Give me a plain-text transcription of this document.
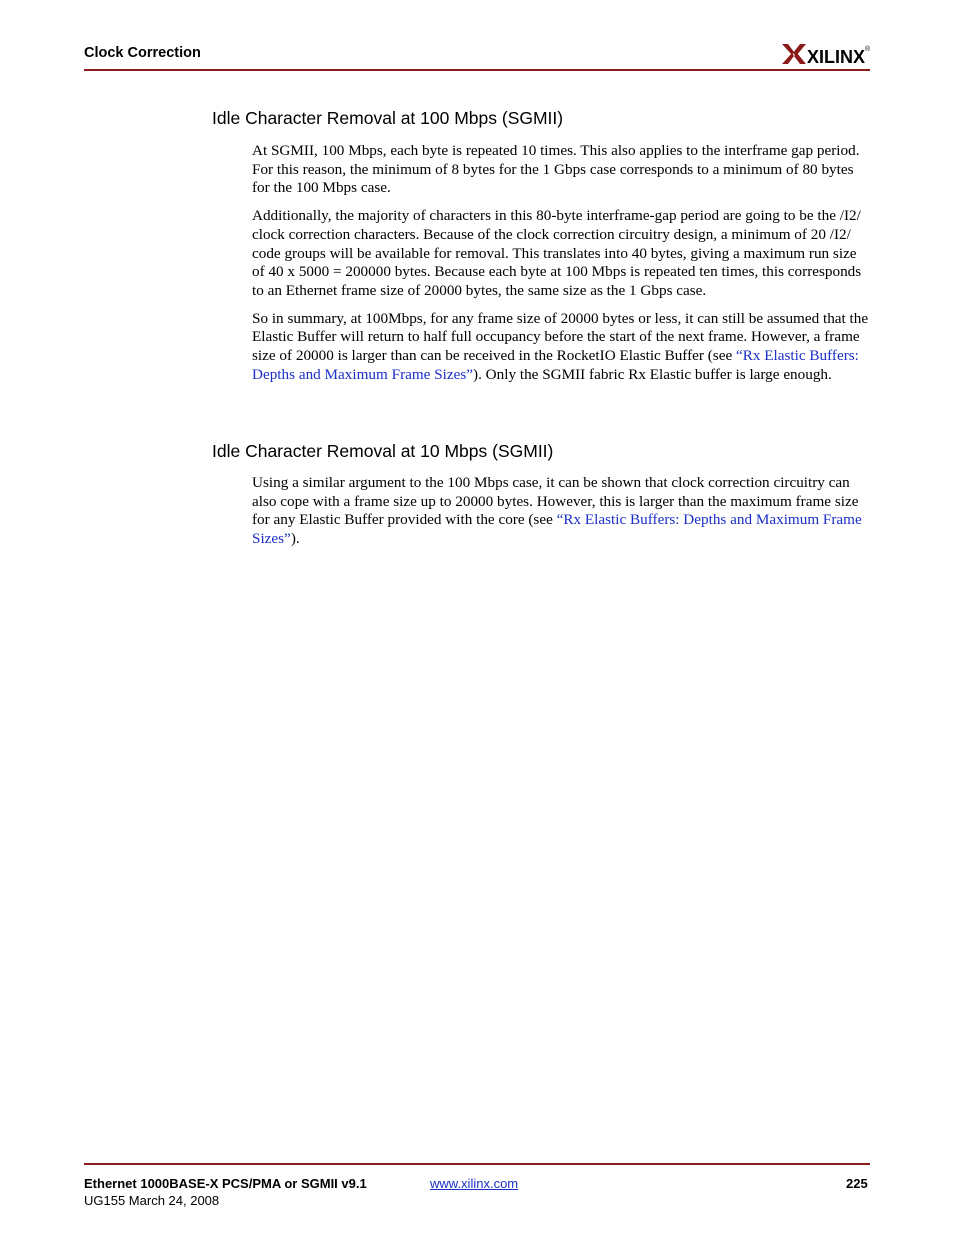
Clock Correction	XILINX ®
Idle Character Removal at 100 Mbps (SGMII)

At SGMII, 100 Mbps, each byte is repeated 10 times. This also applies to the interframe gap period. For this reason, the minimum of 8 bytes for the 1 Gbps case corresponds to a minimum of 80 bytes for the 100 Mbps case.

Additionally, the majority of characters in this 80-byte interframe-gap period are going to be the /I2/ clock correction characters. Because of the clock correction circuitry design, a minimum of 20 /I2/ code groups will be available for removal. This translates into 40 bytes, giving a maximum run size of 40 x 5000 = 200000 bytes. Because each byte at 100 Mbps is repeated ten times, this corresponds to an Ethernet frame size of 20000 bytes, the same size as the 1 Gbps case.

So in summary, at 100Mbps, for any frame size of 20000 bytes or less, it can still be assumed that the Elastic Buffer will return to half full occupancy before the start of the next frame. However, a frame size of 20000 is larger than can be received in the RocketIO Elastic Buffer (see “Rx Elastic Buffers: Depths and Maximum Frame Sizes”). Only the SGMII fabric Rx Elastic buffer is large enough.

Idle Character Removal at 10 Mbps (SGMII)

Using a similar argument to the 100 Mbps case, it can be shown that clock correction circuitry can also cope with a frame size up to 20000 bytes. However, this is larger than the maximum frame size for any Elastic Buffer provided with the core (see “Rx Elastic Buffers: Depths and Maximum Frame Sizes”).

Ethernet 1000BASE-X PCS/PMA or SGMII v9.1
UG155 March 24, 2008
www.xilinx.com	225
